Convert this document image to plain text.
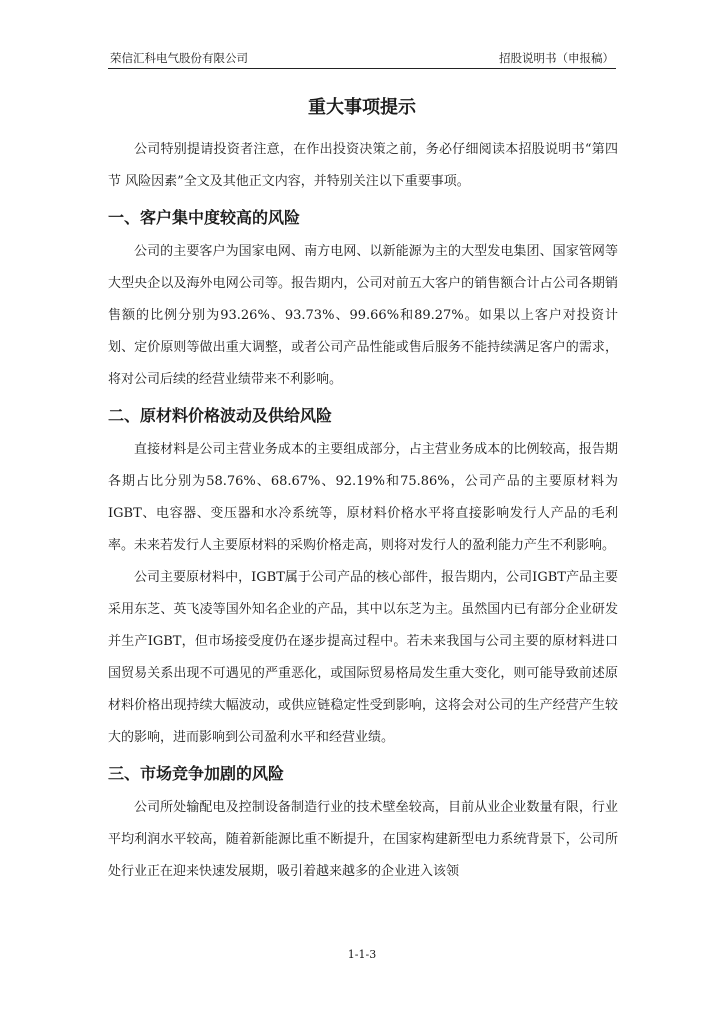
荣信汇科电气股份有限公司	招股说明书（申报稿）
重大事项提示

公司特别提请投资者注意，在作出投资决策之前，务必仔细阅读本招股说明书“第四节 风险因素”全文及其他正文内容，并特别关注以下重要事项。

一、客户集中度较高的风险

公司的主要客户为国家电网、南方电网、以新能源为主的大型发电集团、国家管网等大型央企以及海外电网公司等。报告期内，公司对前五大客户的销售额合计占公司各期销售额的比例分别为93.26%、93.73%、99.66%和89.27%。如果以上客户对投资计划、定价原则等做出重大调整，或者公司产品性能或售后服务不能持续满足客户的需求，将对公司后续的经营业绩带来不利影响。

二、原材料价格波动及供给风险

直接材料是公司主营业务成本的主要组成部分，占主营业务成本的比例较高，报告期各期占比分别为58.76%、68.67%、92.19%和75.86%，公司产品的主要原材料为IGBT、电容器、变压器和水冷系统等，原材料价格水平将直接影响发行人产品的毛利率。未来若发行人主要原材料的采购价格走高，则将对发行人的盈利能力产生不利影响。

公司主要原材料中，IGBT属于公司产品的核心部件，报告期内，公司IGBT产品主要采用东芝、英飞凌等国外知名企业的产品，其中以东芝为主。虽然国内已有部分企业研发并生产IGBT，但市场接受度仍在逐步提高过程中。若未来我国与公司主要的原材料进口国贸易关系出现不可遇见的严重恶化，或国际贸易格局发生重大变化，则可能导致前述原材料价格出现持续大幅波动，或供应链稳定性受到影响，这将会对公司的生产经营产生较大的影响，进而影响到公司盈利水平和经营业绩。

三、市场竞争加剧的风险

公司所处输配电及控制设备制造行业的技术壁垒较高，目前从业企业数量有限，行业平均利润水平较高，随着新能源比重不断提升，在国家构建新型电力系统背景下，公司所处行业正在迎来快速发展期，吸引着越来越多的企业进入该领

1-1-3
